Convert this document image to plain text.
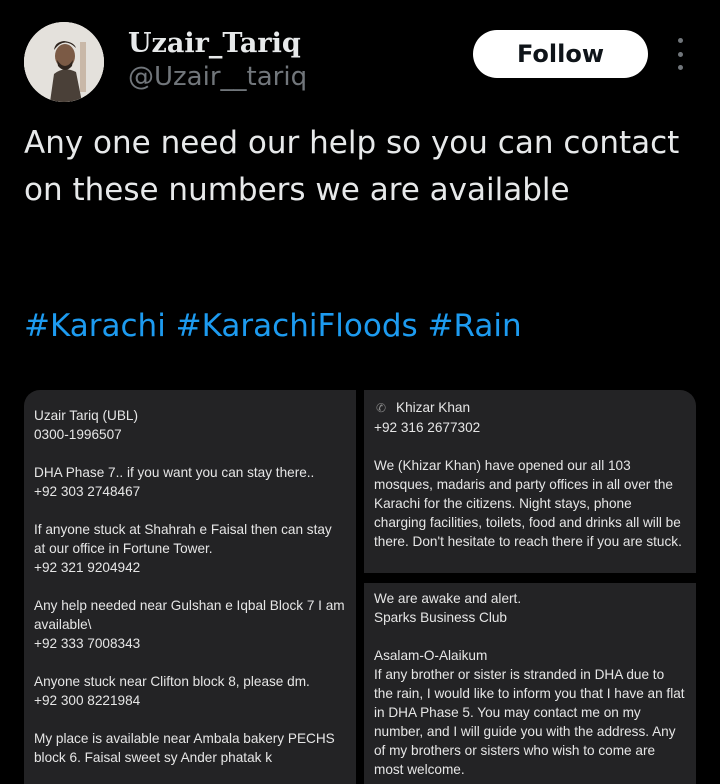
Uzair_Tariq
@Uzair__tariq
Follow

Any one need our help so you can contact on these numbers we are available

#Karachi #KarachiFloods #Rain

Uzair Tariq (UBL)
0300-1996507

DHA Phase 7.. if you want you can stay there..
+92 303 2748467

If anyone stuck at Shahrah e Faisal then can stay at our office in Fortune Tower.
+92 321 9204942

Any help needed near Gulshan e Iqbal Block 7 I am available\
+92 333 7008343

Anyone stuck near Clifton block 8, please dm.
+92 300 8221984

My place is available near Ambala bakery PECHS block 6. Faisal sweet sy Ander phatak k

✆ Khizar Khan

+92 316 2677302

We (Khizar Khan) have opened our all 103 mosques, madaris and party offices in all over the Karachi for the citizens. Night stays, phone charging facilities, toilets, food and drinks all will be there. Don't hesitate to reach there if you are stuck.

We are awake and alert.
Sparks Business Club

Asalam-O-Alaikum
If any brother or sister is stranded in DHA due to the rain, I would like to inform you that I have an flat in DHA Phase 5. You may contact me on my number, and I will guide you with the address. Any of my brothers or sisters who wish to come are most welcome.
